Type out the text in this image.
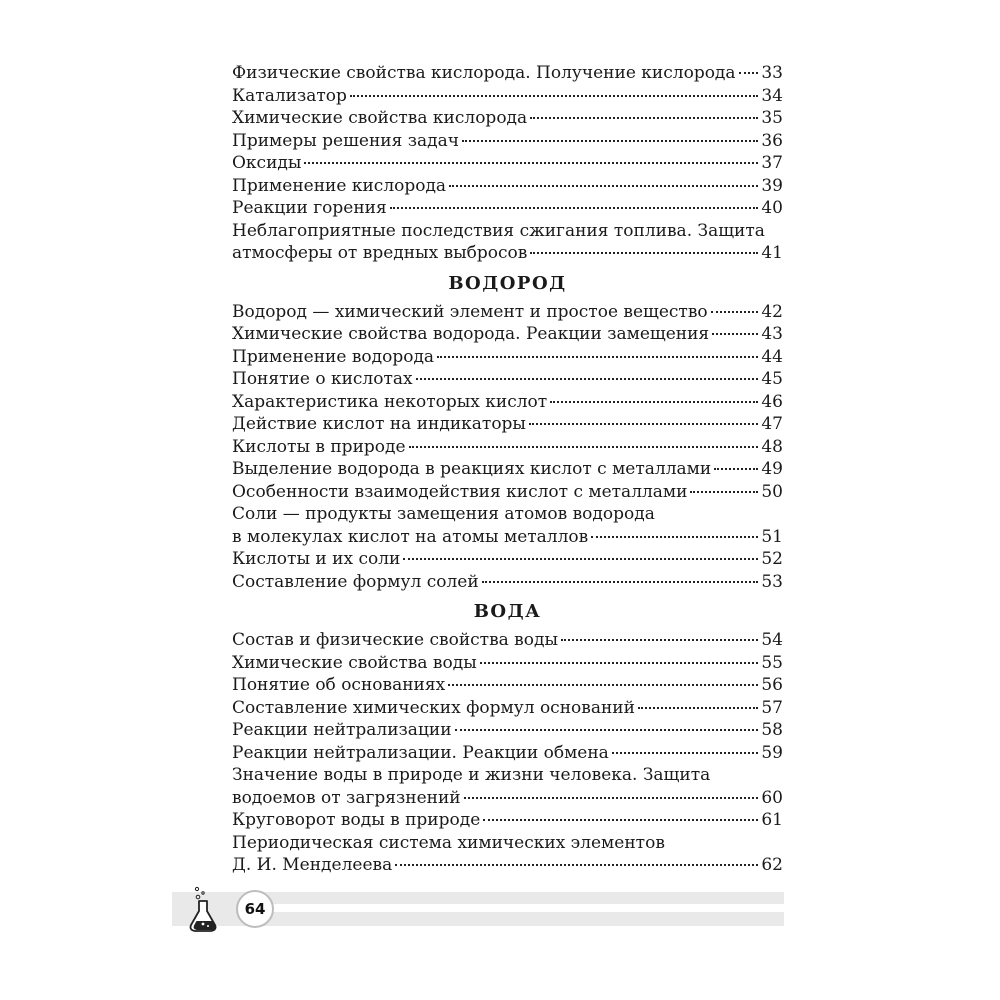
Физические свойства кислорода. Получение кислорода 33
Катализатор	34
Химические свойства кислорода	35
Примеры решения задач	36
Оксиды	37
Применение кислорода	39
Реакции горения	40
Неблагоприятные последствия сжигания топлива. Защита
атмосферы от вредных выбросов	41
ВОДОРОД
Водород — химический элемент и простое вещество	42
Химические свойства водорода. Реакции замещения	43
Применение водорода	44
Понятие о кислотах	45
Характеристика некоторых кислот	46
Действие кислот на индикаторы	47
Кислоты в природе	48
Выделение водорода в реакциях кислот с металлами	49
Особенности взаимодействия кислот с металлами	50
Соли — продукты замещения атомов водорода
в молекулах кислот на атомы металлов	51
Кислоты и их соли	52
Составление формул солей	53
ВОДА
Состав и физические свойства воды	54
Химические свойства воды	55
Понятие об основаниях	56
Составление химических формул оснований	57
Реакции нейтрализации	58
Реакции нейтрализации. Реакции обмена	59
Значение воды в природе и жизни человека. Защита
водоемов от загрязнений	60
Круговорот воды в природе	61
Периодическая система химических элементов
Д. И. Менделеева	62
64
